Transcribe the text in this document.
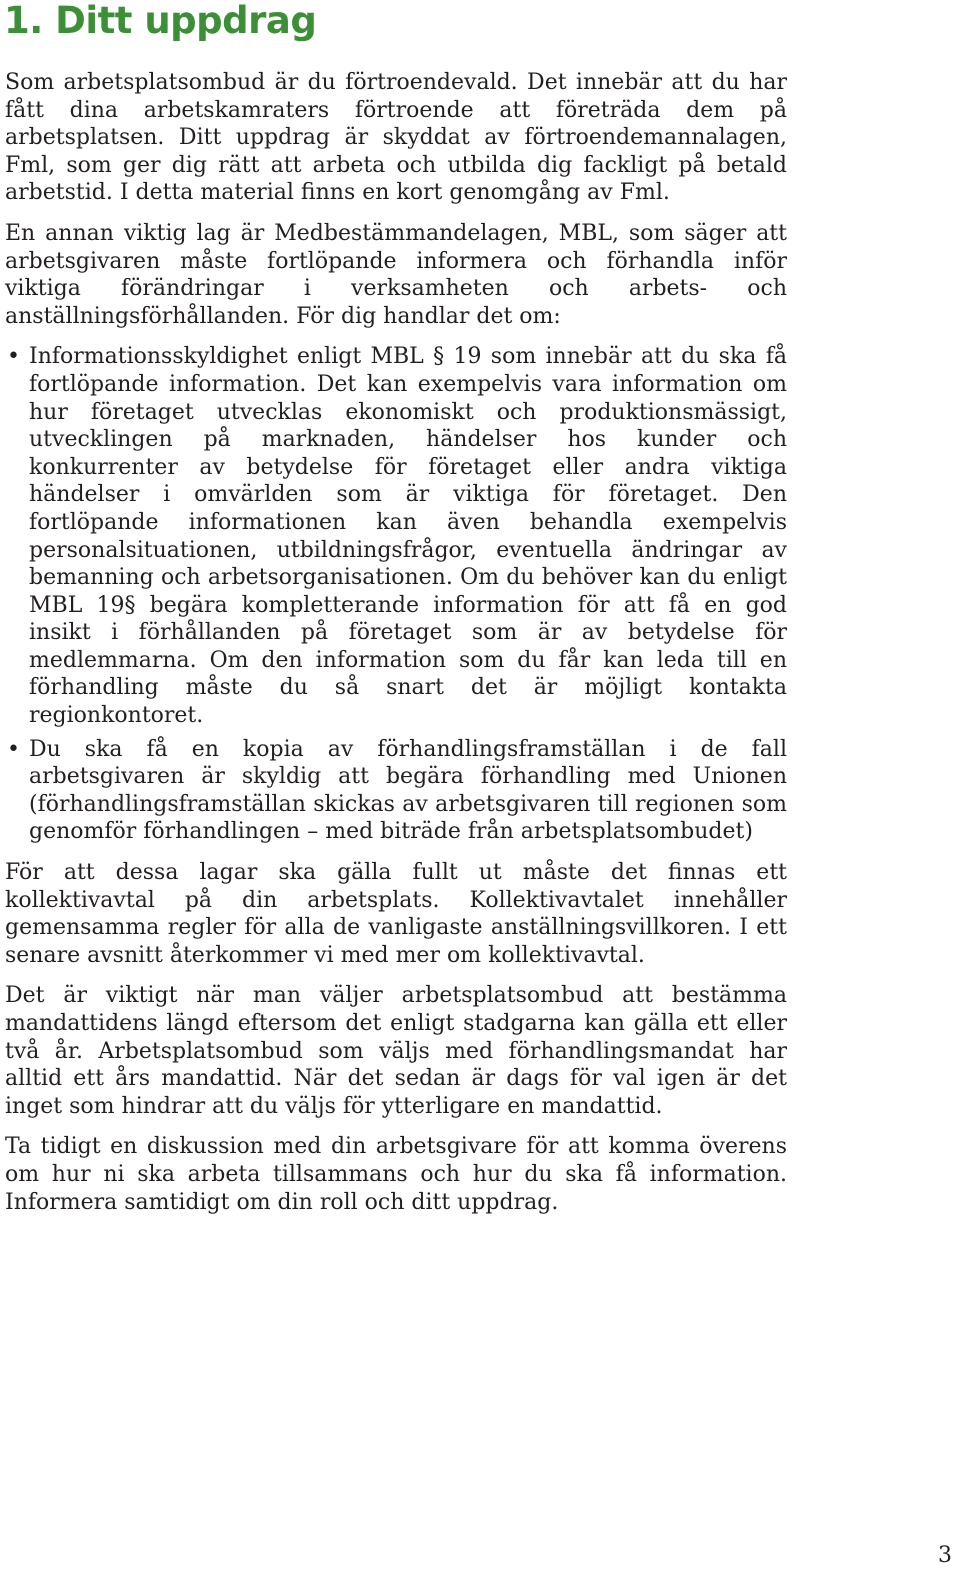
1. Ditt uppdrag

Som arbetsplatsombud är du förtroendevald. Det innebär att du har fått dina arbetskamraters förtroende att företräda dem på arbetsplatsen. Ditt uppdrag är skyddat av förtroendemannalagen, Fml, som ger dig rätt att arbeta och utbilda dig fackligt på betald arbetstid. I detta material finns en kort genomgång av Fml.

En annan viktig lag är Medbestämmandelagen, MBL, som säger att arbetsgivaren måste fortlöpande informera och förhandla inför viktiga förändringar i verksamheten och arbets- och anställningsförhållanden. För dig handlar det om:

• Informationsskyldighet enligt MBL § 19 som innebär att du ska få fortlöpande information. Det kan exempelvis vara information om hur företaget utvecklas ekonomiskt och produktionsmässigt, utvecklingen på marknaden, händelser hos kunder och konkurrenter av betydelse för företaget eller andra viktiga händelser i omvärlden som är viktiga för företaget. Den fortlöpande informationen kan även behandla exempelvis personalsituationen, utbildningsfrågor, eventuella ändringar av bemanning och arbetsorganisationen. Om du behöver kan du enligt MBL 19§ begära kompletterande information för att få en god insikt i förhållanden på företaget som är av betydelse för medlemmarna. Om den information som du får kan leda till en förhandling måste du så snart det är möjligt kontakta regionkontoret.
• Du ska få en kopia av förhandlingsframställan i de fall arbetsgivaren är skyldig att begära förhandling med Unionen (förhandlingsframställan skickas av arbetsgivaren till regionen som genomför förhandlingen – med biträde från arbetsplatsombudet)

För att dessa lagar ska gälla fullt ut måste det finnas ett kollektivavtal på din arbetsplats. Kollektivavtalet innehåller gemensamma regler för alla de vanligaste anställningsvillkoren. I ett senare avsnitt återkommer vi med mer om kollektivavtal.

Det är viktigt när man väljer arbetsplatsombud att bestämma mandattidens längd eftersom det enligt stadgarna kan gälla ett eller två år. Arbetsplatsombud som väljs med förhandlingsmandat har alltid ett års mandattid. När det sedan är dags för val igen är det inget som hindrar att du väljs för ytterligare en mandattid.

Ta tidigt en diskussion med din arbetsgivare för att komma överens om hur ni ska arbeta tillsammans och hur du ska få information. Informera samtidigt om din roll och ditt uppdrag.

3
